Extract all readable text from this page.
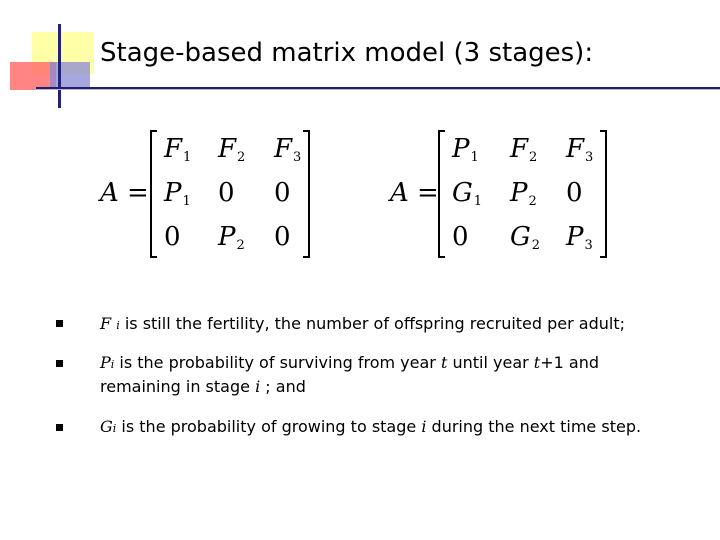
Stage-based matrix model (3 stages):
A =
$F_1$ $F_2$ $F_3$
$P_1$ 0 0
0 $P_2$ 0
A =
$P_1$ $F_2$ $F_3$
$G_1$ $P_2$ 0
0 $G_2$ $P_3$
F i is still the fertility, the number of offspring recruited per adult;
Pi is the probability of surviving from year t until year t+1 and
remaining in stage i ; and
Gi is the probability of growing to stage i during the next time step.
